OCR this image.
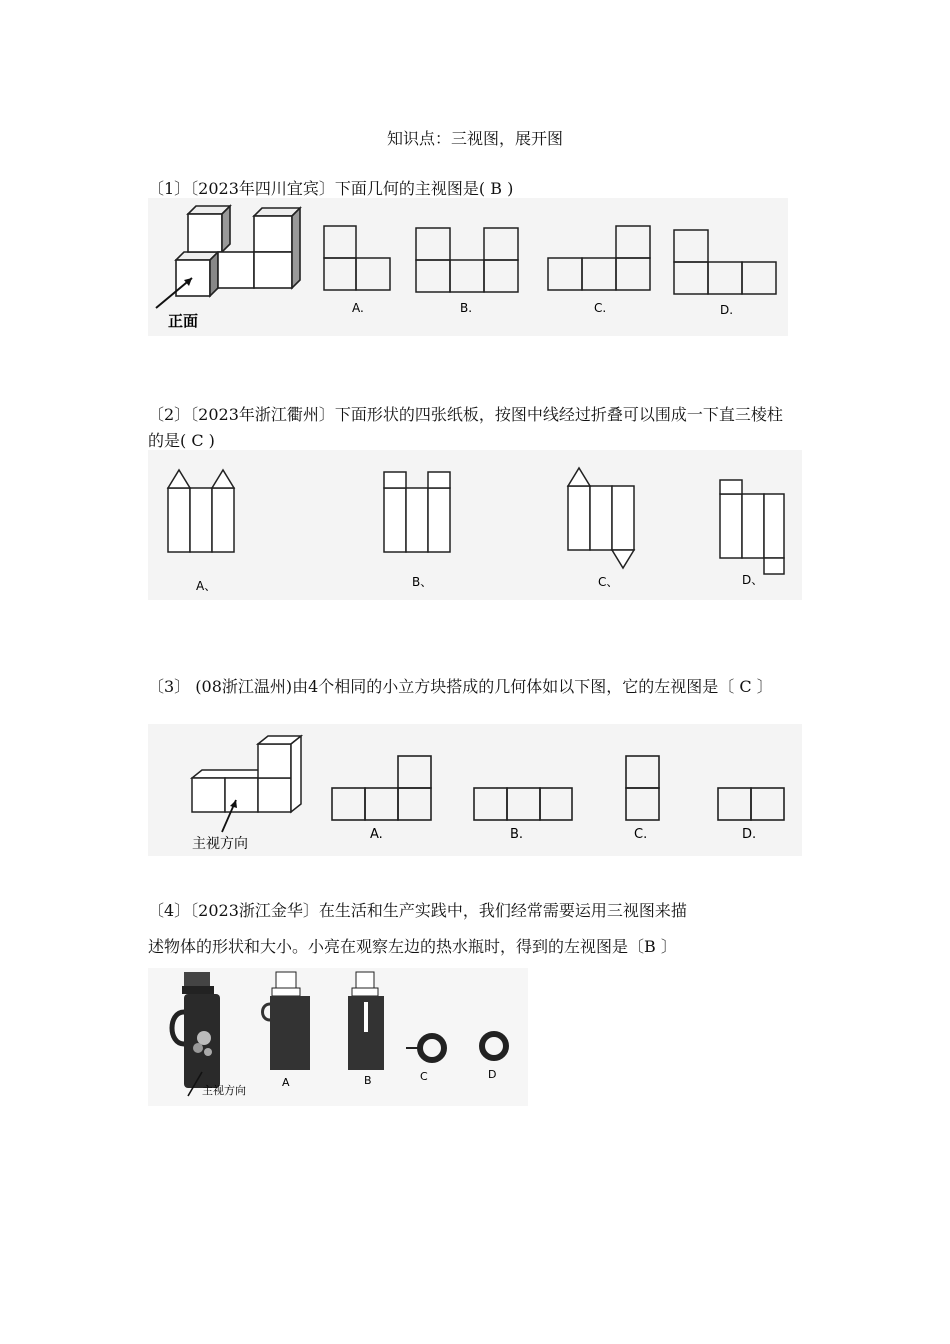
知识点：三视图，展开图
〔1〕〔2023年四川宜宾〕下面几何的主视图是( B )
正面
A.	B.	C.	D.
〔2〕〔2023年浙江衢州〕下面形状的四张纸板，按图中线经过折叠可以围成一下直三棱柱的是( C )
A、	B、	C、	D、
〔3〕 (08浙江温州)由4个相同的小立方块搭成的几何体如以下图，它的左视图是〔 C 〕
主视方向
A.	B.	C.	D.
〔4〕〔2023浙江金华〕在生活和生产实践中，我们经常需要运用三视图来描
述物体的形状和大小。小亮在观察左边的热水瓶时，得到的左视图是〔B 〕
主视方向
A	B	C	D
